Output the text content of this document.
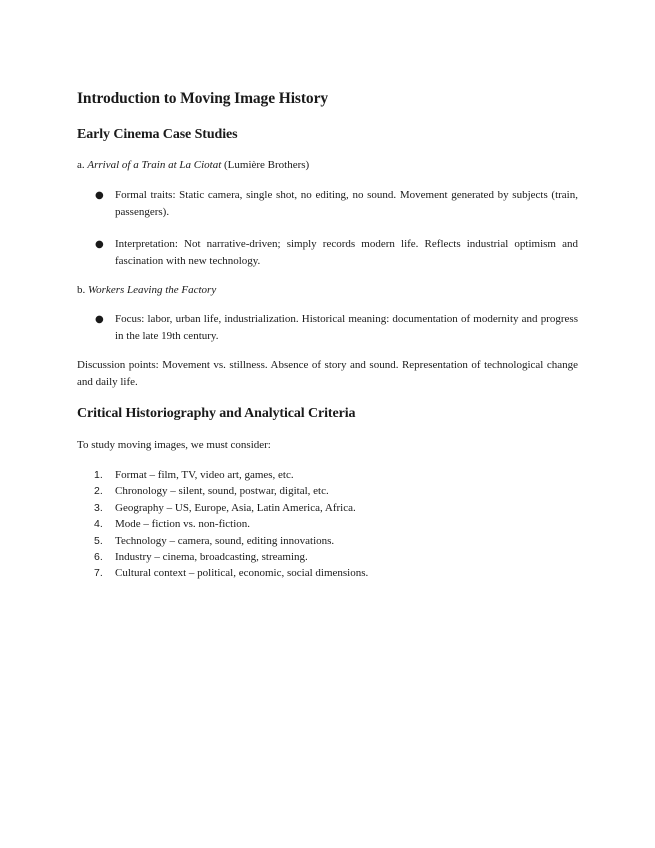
Introduction to Moving Image History
Early Cinema Case Studies

a. Arrival of a Train at La Ciotat (Lumière Brothers)

● Formal traits: Static camera, single shot, no editing, no sound. Movement generated by subjects (train, passengers).
● Interpretation: Not narrative-driven; simply records modern life. Reflects industrial optimism and fascination with new technology.

b. Workers Leaving the Factory

● Focus: labor, urban life, industrialization. Historical meaning: documentation of modernity and progress in the late 19th century.

Discussion points: Movement vs. stillness. Absence of story and sound. Representation of technological change and daily life.

Critical Historiography and Analytical Criteria

To study moving images, we must consider:

1. Format – film, TV, video art, games, etc.
2. Chronology – silent, sound, postwar, digital, etc.
3. Geography – US, Europe, Asia, Latin America, Africa.
4. Mode – fiction vs. non-fiction.
5. Technology – camera, sound, editing innovations.
6. Industry – cinema, broadcasting, streaming.
7. Cultural context – political, economic, social dimensions.
